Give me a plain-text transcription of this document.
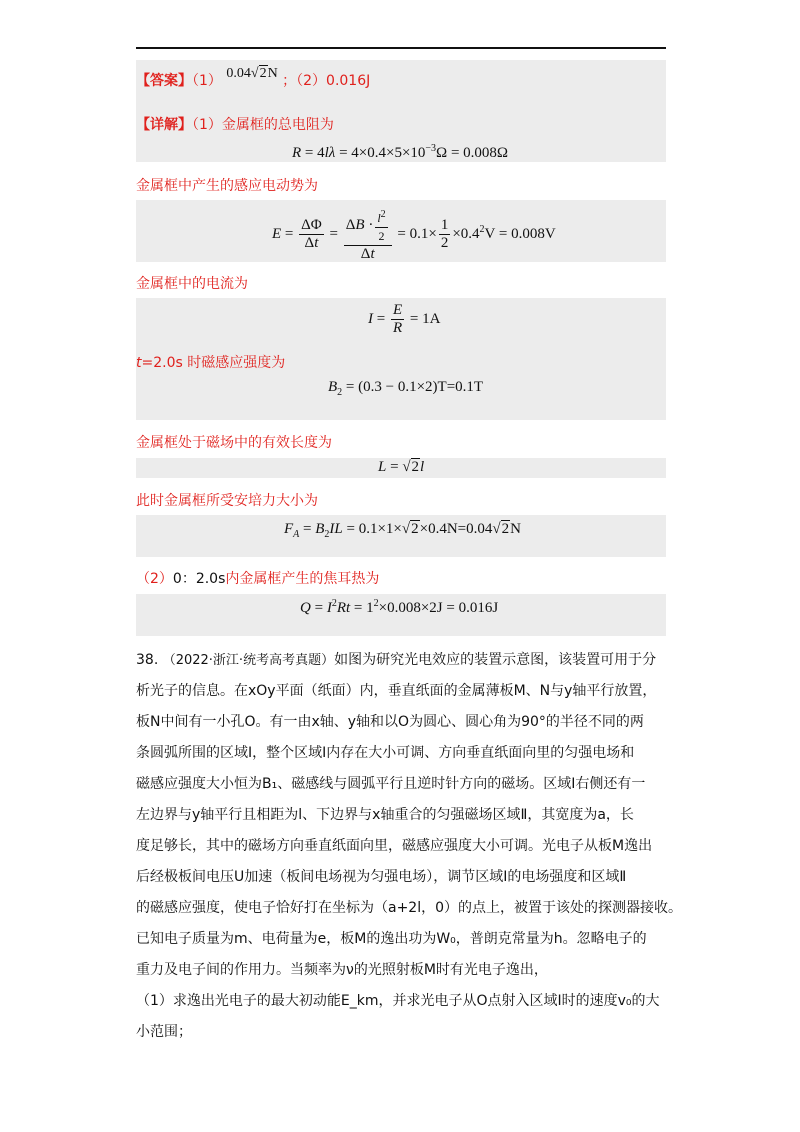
【答案】（1） 0.04√2N ；（2）0.016J
【详解】（1）金属框的总电阻为
$R = 4l\lambda = 4\times 0.4\times 5\times 10^{-3}\Omega = 0.008\Omega$
金属框中产生的感应电动势为
$E = \frac{\Delta\Phi}{\Delta t} = \frac{\Delta B \cdot \frac{l^2}{2}}{\Delta t} = 0.1\times \frac{1}{2} \times 0.4^2V = 0.008V$
金属框中的电流为
$I = \frac{E}{R} = 1A$
t=2.0s 时磁感应强度为
$B_2 = (0.3 - 0.1\times 2)T=0.1T$
金属框处于磁场中的有效长度为
L = √2l
此时金属框所受安培力大小为
$F_A = B_2IL = 0.1\times 1\times√2\times 0.4N=0.04√2N$
（2）0：2.0s内金属框产生的焦耳热为
$Q = I^2Rt = 1^2\times 0.008\times 2J = 0.016J$
38. （2022·浙江·统考高考真题）如图为研究光电效应的装置示意图，该装置可用于分
析光子的信息。在xOy平面（纸面）内，垂直纸面的金属薄板M、N与y轴平行放置，
板N中间有一小孔O。有一由x轴、y轴和以O为圆心、圆心角为90°的半径不同的两
条圆弧所围的区域Ⅰ，整个区域Ⅰ内存在大小可调、方向垂直纸面向里的匀强电场和
磁感应强度大小恒为B₁、磁感线与圆弧平行且逆时针方向的磁场。区域Ⅰ右侧还有一
左边界与y轴平行且相距为l、下边界与x轴重合的匀强磁场区域Ⅱ，其宽度为a，长
度足够长，其中的磁场方向垂直纸面向里，磁感应强度大小可调。光电子从板M逸出
后经极板间电压U加速（板间电场视为匀强电场），调节区域Ⅰ的电场强度和区域Ⅱ
的磁感应强度，使电子恰好打在坐标为（a+2l，0）的点上，被置于该处的探测器接收。
已知电子质量为m、电荷量为e，板M的逸出功为W₀，普朗克常量为h。忽略电子的
重力及电子间的作用力。当频率为ν的光照射板M时有光电子逸出，
（1）求逸出光电子的最大初动能E_km，并求光电子从O点射入区域Ⅰ时的速度v₀的大
小范围；
